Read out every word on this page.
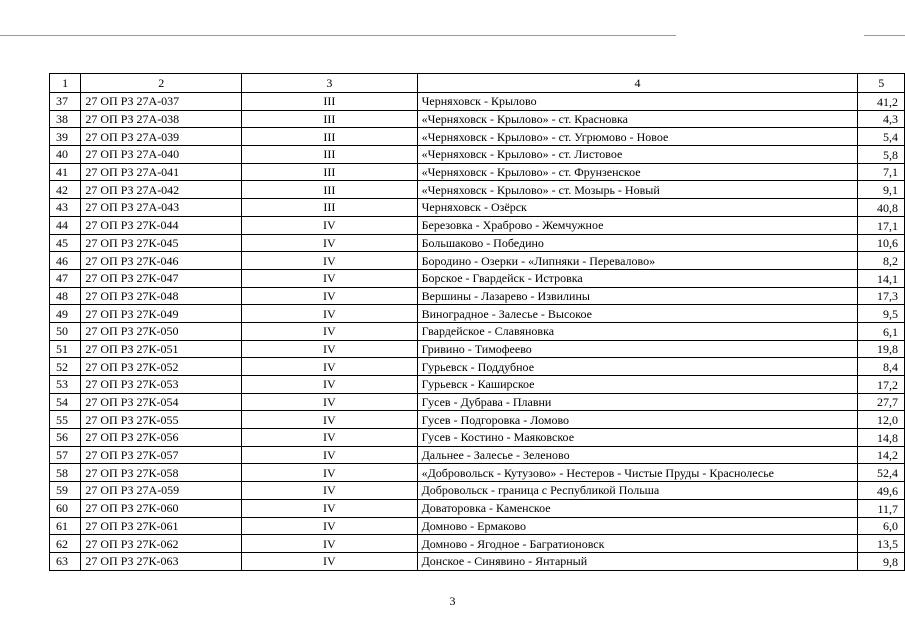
1	2	3	4	5
37	27 ОП РЗ 27А-037	III	Черняховск - Крылово	41,2
38	27 ОП РЗ 27А-038	III	«Черняховск - Крылово» - ст. Красновка	4,3
39	27 ОП РЗ 27А-039	III	«Черняховск - Крылово» - ст. Угрюмово - Новое	5,4
40	27 ОП РЗ 27А-040	III	«Черняховск - Крылово» - ст. Листовое	5,8
41	27 ОП РЗ 27А-041	III	«Черняховск - Крылово» - ст. Фрунзенское	7,1
42	27 ОП РЗ 27А-042	III	«Черняховск - Крылово» - ст. Мозырь - Новый	9,1
43	27 ОП РЗ 27А-043	III	Черняховск - Озёрск	40,8
44	27 ОП РЗ 27К-044	IV	Березовка - Храброво - Жемчужное	17,1
45	27 ОП РЗ 27К-045	IV	Большаково - Победино	10,6
46	27 ОП РЗ 27К-046	IV	Бородино - Озерки - «Липняки - Перевалово»	8,2
47	27 ОП РЗ 27К-047	IV	Борское - Гвардейск - Истровка	14,1
48	27 ОП РЗ 27К-048	IV	Вершины - Лазарево - Извилины	17,3
49	27 ОП РЗ 27К-049	IV	Виноградное - Залесье - Высокое	9,5
50	27 ОП РЗ 27К-050	IV	Гвардейское - Славяновка	6,1
51	27 ОП РЗ 27К-051	IV	Гривино - Тимофеево	19,8
52	27 ОП РЗ 27К-052	IV	Гурьевск - Поддубное	8,4
53	27 ОП РЗ 27К-053	IV	Гурьевск - Каширское	17,2
54	27 ОП РЗ 27К-054	IV	Гусев - Дубрава - Плавни	27,7
55	27 ОП РЗ 27К-055	IV	Гусев - Подгоровка - Ломово	12,0
56	27 ОП РЗ 27К-056	IV	Гусев - Костино - Маяковское	14,8
57	27 ОП РЗ 27К-057	IV	Дальнее - Залесье - Зеленово	14,2
58	27 ОП РЗ 27К-058	IV	«Добровольск - Кутузово» - Нестеров - Чистые Пруды - Краснолесье	52,4
59	27 ОП РЗ 27А-059	IV	Добровольск - граница с Республикой Польша	49,6
60	27 ОП РЗ 27К-060	IV	Доваторовка - Каменское	11,7
61	27 ОП РЗ 27К-061	IV	Домново - Ермаково	6,0
62	27 ОП РЗ 27К-062	IV	Домново - Ягодное - Багратионовск	13,5
63	27 ОП РЗ 27К-063	IV	Донское - Синявино - Янтарный	9,8
3
